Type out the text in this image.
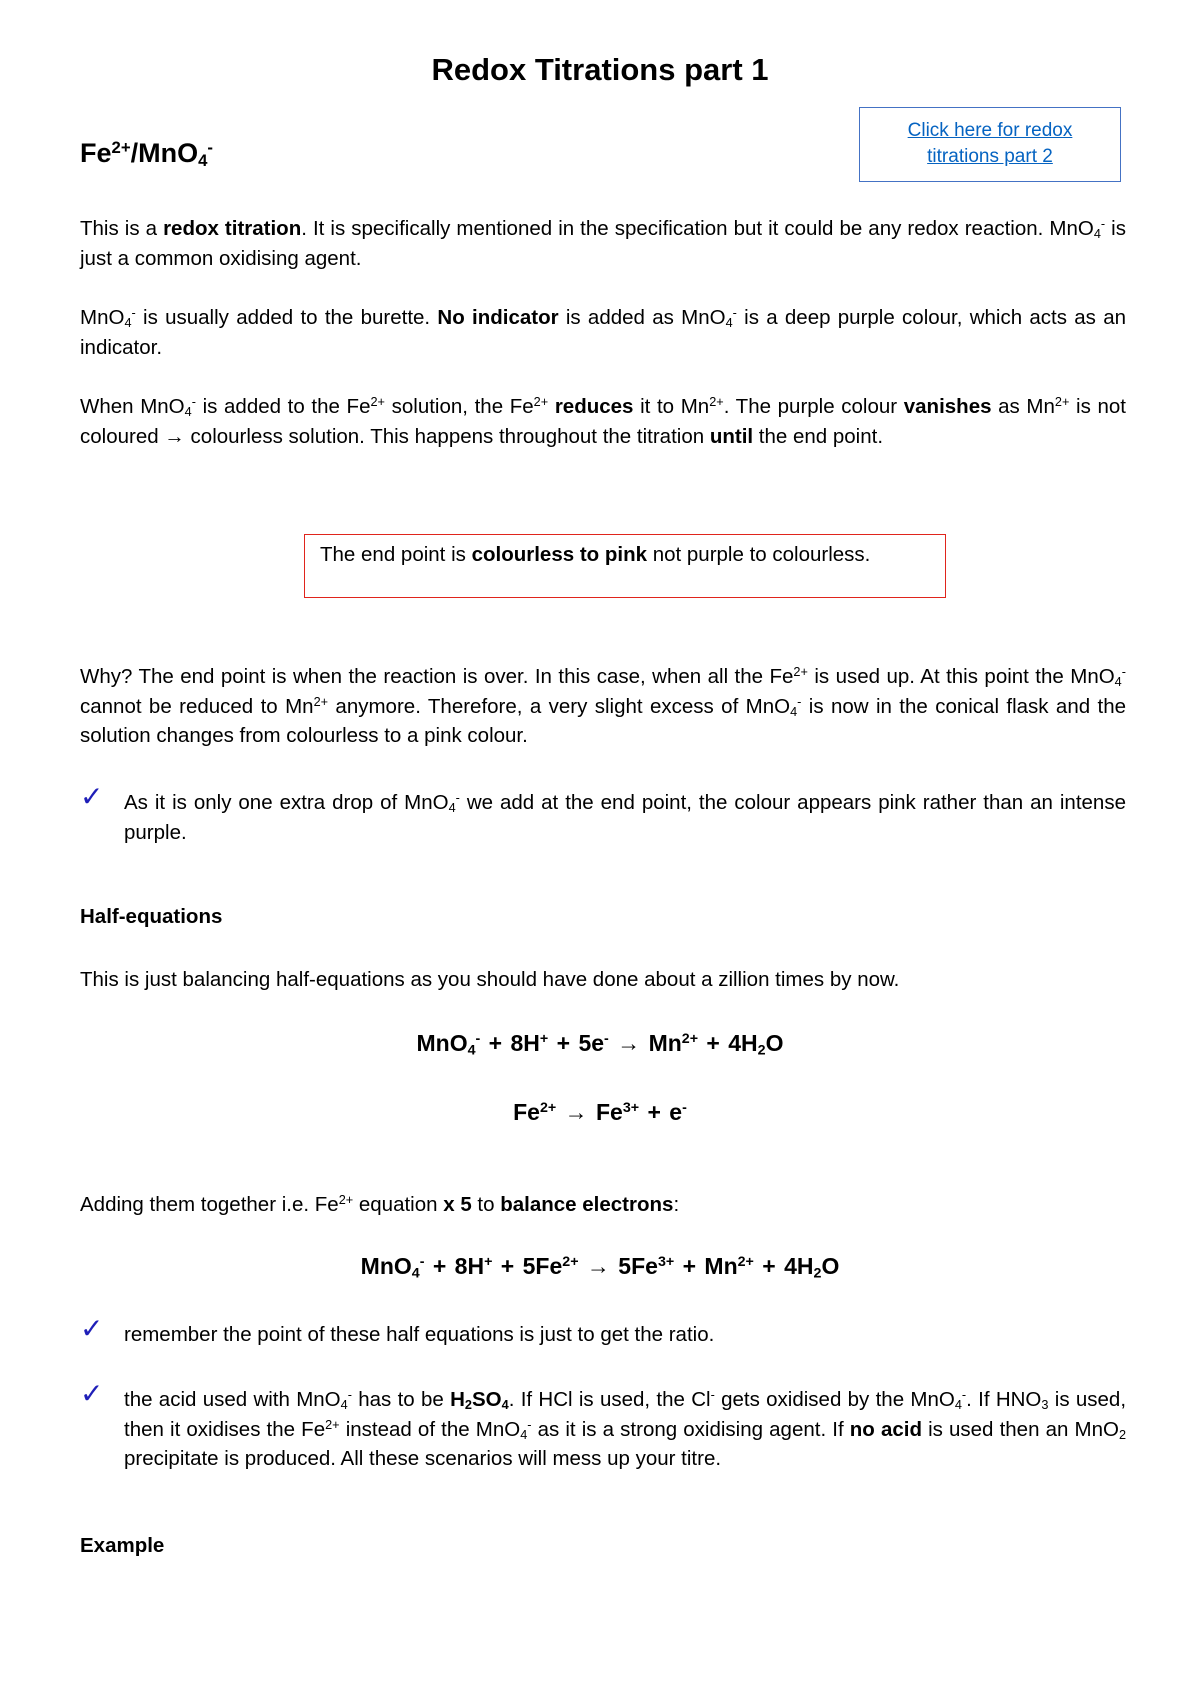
Redox Titrations part 1
Click here for redox
titrations part 2
$Fe^{2+}/MnO_4^-$
This is a redox titration. It is specifically mentioned in the specification but it could be any redox reaction. MnO$_4$- is just a common oxidising agent.
MnO$_4$- is usually added to the burette. No indicator is added as MnO$_4$- is a deep purple colour, which acts as an indicator.
When MnO$_4$- is added to the $Fe^{2+}$ solution, the $Fe^{2+}$ reduces it to $Mn^{2+}$. The purple colour vanishes as $Mn^{2+}$ is not coloured → colourless solution. This happens throughout the titration until the end point.
The end point is colourless to pink not purple to colourless.
Why? The end point is when the reaction is over. In this case, when all the $Fe^{2+}$ is used up. At this point the MnO$_4$- cannot be reduced to $Mn^{2+}$ anymore. Therefore, a very slight excess of MnO$_4$- is now in the conical flask and the solution changes from colourless to a pink colour.
✓ As it is only one extra drop of MnO$_4$- we add at the end point, the colour appears pink rather than an intense purple.
Half-equations
This is just balancing half-equations as you should have done about a zillion times by now.
$MnO_4^- + 8H^+ + 5e^- \to Mn^{2+} + 4H_2O$
$Fe^{2+} \to Fe^{3+} + e^-$
Adding them together i.e. $Fe^{2+}$ equation x 5 to balance electrons:
$MnO_4^- + 8H^+ + 5Fe^{2+} \to 5Fe^{3+} + Mn^{2+} + 4H_2O$
✓ remember the point of these half equations is just to get the ratio.
✓ the acid used with MnO$_4$- has to be $H_2SO_4$. If HCl is used, the Cl- gets oxidised by the MnO$_4$-. If $HNO_3$ is used, then it oxidises the $Fe^{2+}$ instead of the MnO$_4$- as it is a strong oxidising agent. If no acid is used then an MnO$_2$ precipitate is produced. All these scenarios will mess up your titre.
Example
